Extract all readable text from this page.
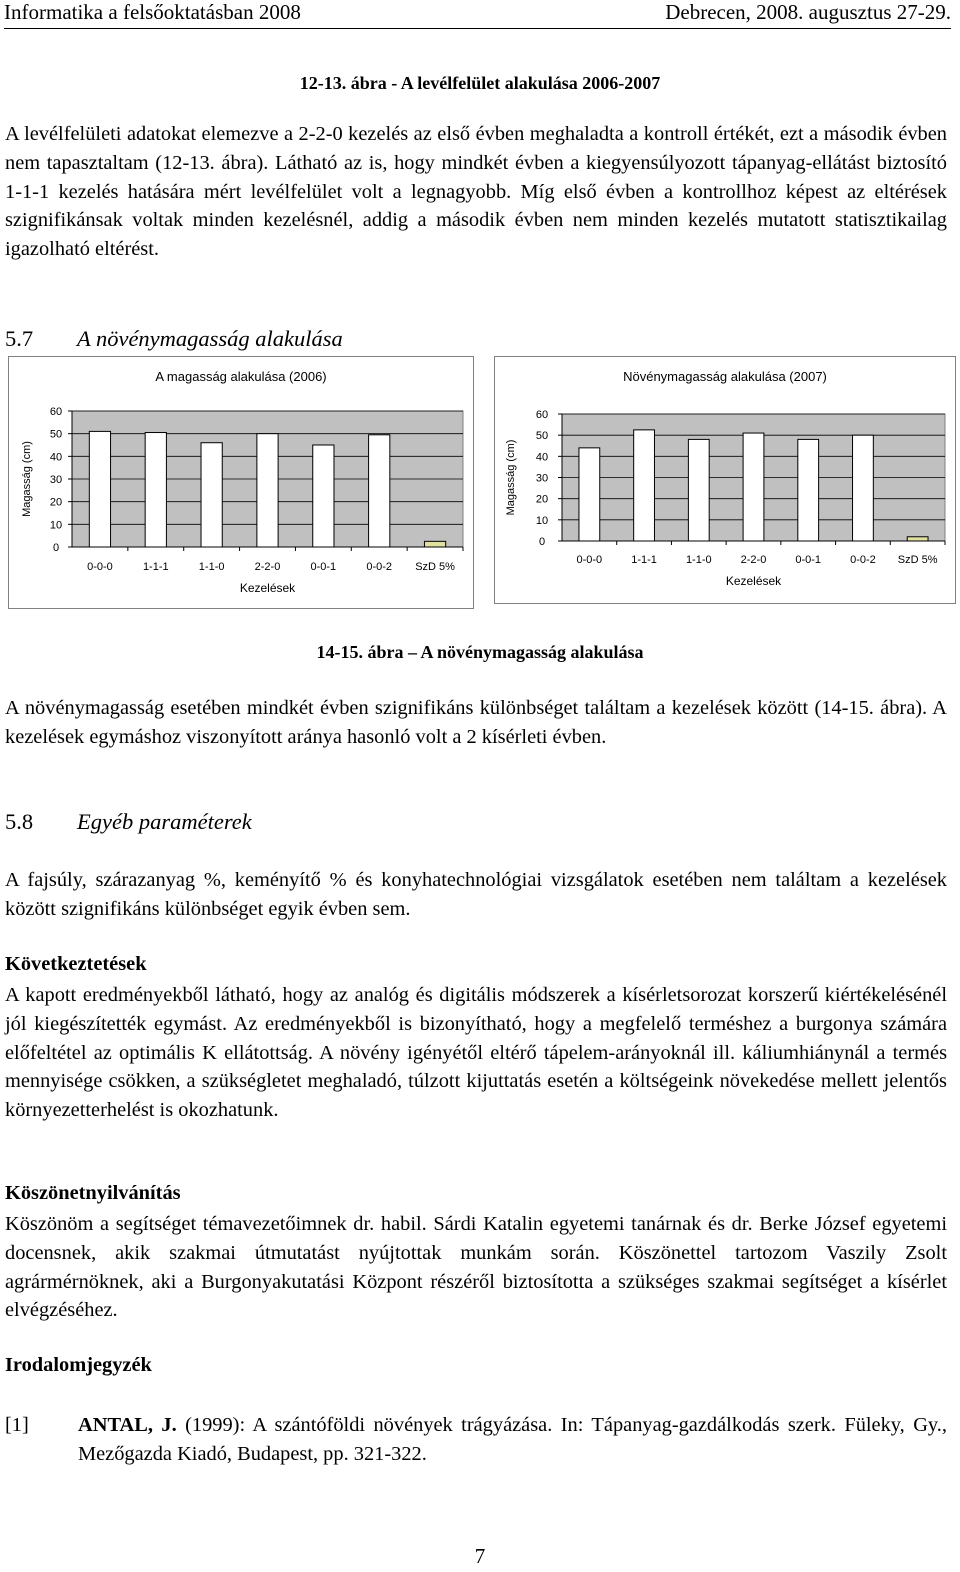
Informatika a felsőoktatásban 2008	Debrecen, 2008. augusztus 27-29.
12-13. ábra - A levélfelület alakulása 2006-2007
A levélfelületi adatokat elemezve a 2-2-0 kezelés az első évben meghaladta a kontroll értékét, ezt a második évben nem tapasztaltam (12-13. ábra). Látható az is, hogy mindkét évben a kiegyensúlyozott tápanyag-ellátást biztosító 1-1-1 kezelés hatására mért levélfelület volt a legnagyobb. Míg első évben a kontrollhoz képest az eltérések szignifikánsak voltak minden kezelésnél, addig a második évben nem minden kezelés mutatott statisztikailag igazolható eltérést.
5.7 A növénymagasság alakulása
A magasság alakulása (2006)
0
10
20
30
40
50
60
0-0-0	1-1-1	1-1-0	2-2-0	0-0-1	0-0-2 SzD 5%
Kezelések
Magasság (cm)
Növénymagasság alakulása (2007)
0
10
20
30
40
50
60
0-0-0	1-1-1	1-1-0	2-2-0	0-0-1	0-0-2 SzD 5%
Kezelések
Magasság (cm)
14-15. ábra – A növénymagasság alakulása
A növénymagasság esetében mindkét évben szignifikáns különbséget találtam a kezelések között (14-15. ábra). A kezelések egymáshoz viszonyított aránya hasonló volt a 2 kísérleti évben.
5.8 Egyéb paraméterek
A fajsúly, szárazanyag %, keményítő % és konyhatechnológiai vizsgálatok esetében nem találtam a kezelések között szignifikáns különbséget egyik évben sem.
Következtetések
A kapott eredményekből látható, hogy az analóg és digitális módszerek a kísérletsorozat korszerű kiértékelésénél jól kiegészítették egymást. Az eredményekből is bizonyítható, hogy a megfelelő terméshez a burgonya számára előfeltétel az optimális K ellátottság. A növény igényétől eltérő tápelem-arányoknál ill. káliumhiánynál a termés mennyisége csökken, a szükségletet meghaladó, túlzott kijuttatás esetén a költségeink növekedése mellett jelentős környezetterhelést is okozhatunk.
Köszönetnyilvánítás
Köszönöm a segítséget témavezetőimnek dr. habil. Sárdi Katalin egyetemi tanárnak és dr. Berke József egyetemi docensnek, akik szakmai útmutatást nyújtottak munkám során. Köszönettel tartozom Vaszily Zsolt agrármérnöknek, aki a Burgonyakutatási Központ részéről biztosította a szükséges szakmai segítséget a kísérlet elvégzéséhez.
Irodalomjegyzék
[1] ANTAL, J. (1999): A szántóföldi növények trágyázása. In: Tápanyag-gazdálkodás szerk. Füleky, Gy., Mezőgazda Kiadó, Budapest, pp. 321-322.
7
